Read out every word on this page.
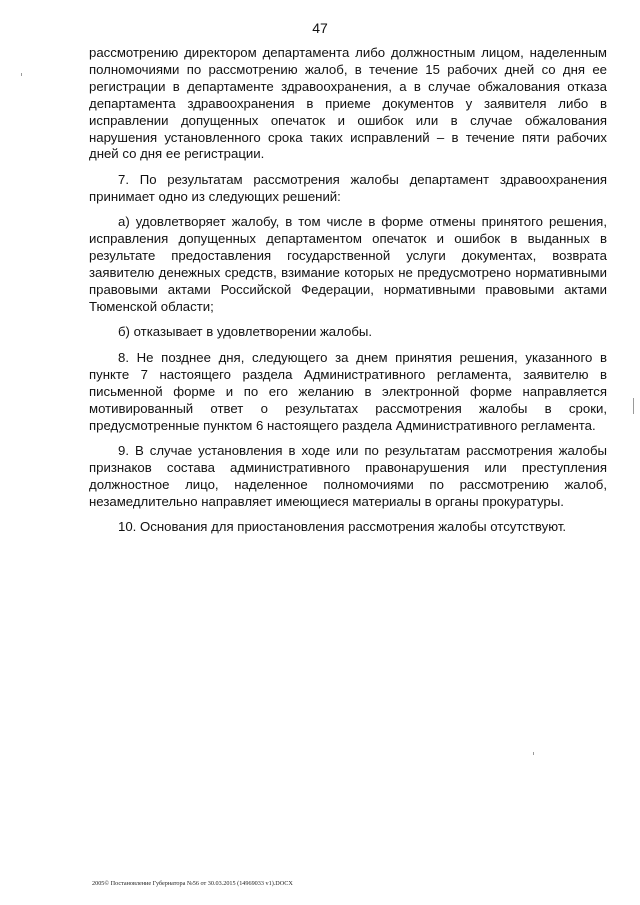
47

рассмотрению директором департамента либо должностным лицом, наделенным полномочиями по рассмотрению жалоб, в течение 15 рабочих дней со дня ее регистрации в департаменте здравоохранения, а в случае обжалования отказа департамента здравоохранения в приеме документов у заявителя либо в исправлении допущенных опечаток и ошибок или в случае обжалования нарушения установленного срока таких исправлений – в течение пяти рабочих дней со дня ее регистрации.

7. По результатам рассмотрения жалобы департамент здравоохранения принимает одно из следующих решений:

а) удовлетворяет жалобу, в том числе в форме отмены принятого решения, исправления допущенных департаментом опечаток и ошибок в выданных в результате предоставления государственной услуги документах, возврата заявителю денежных средств, взимание которых не предусмотрено нормативными правовыми актами Российской Федерации, нормативными правовыми актами Тюменской области;

б) отказывает в удовлетворении жалобы.

8. Не позднее дня, следующего за днем принятия решения, указанного в пункте 7 настоящего раздела Административного регламента, заявителю в письменной форме и по его желанию в электронной форме направляется мотивированный ответ о результатах рассмотрения жалобы в сроки, предусмотренные пунктом 6 настоящего раздела Административного регламента.

9. В случае установления в ходе или по результатам рассмотрения жалобы признаков состава административного правонарушения или преступления должностное лицо, наделенное полномочиями по рассмотрению жалоб, незамедлительно направляет имеющиеся материалы в органы прокуратуры.

10. Основания для приостановления рассмотрения жалобы отсутствуют.

2005© Постановление Губернатора №56 от 30.03.2015 (14969033 v1).DOCX
